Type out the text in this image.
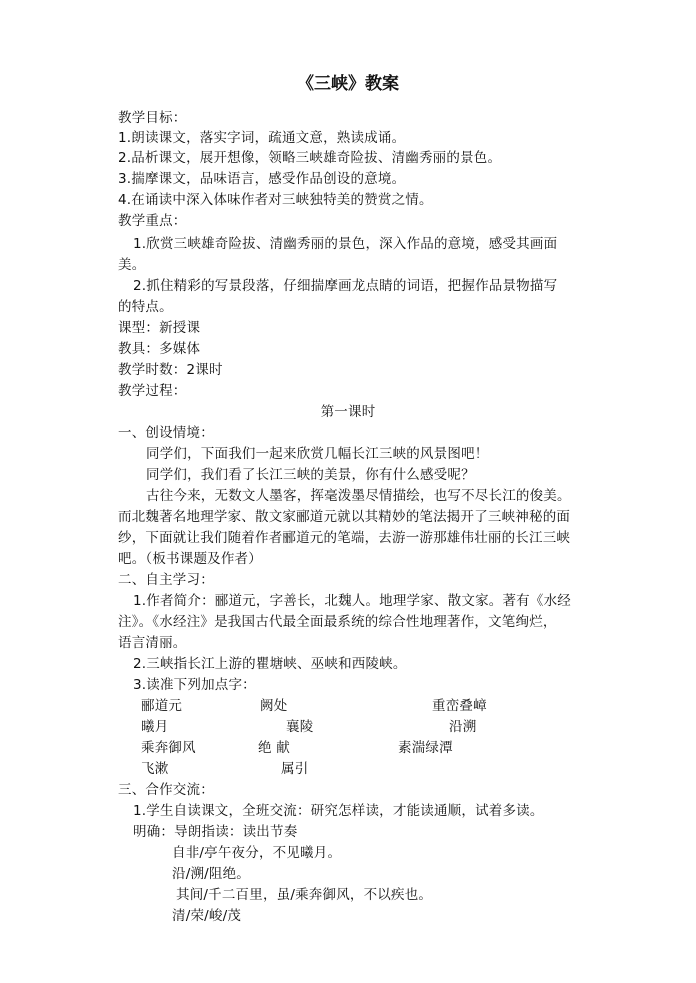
《三峡》教案
教学目标：
1.朗读课文，落实字词，疏通文意，熟读成诵。
2.品析课文，展开想像，领略三峡雄奇险拔、清幽秀丽的景色。
3.揣摩课文，品味语言，感受作品创设的意境。
4.在诵读中深入体味作者对三峡独特美的赞赏之情。
教学重点：
1.欣赏三峡雄奇险拔、清幽秀丽的景色，深入作品的意境，感受其画面
美。
2.抓住精彩的写景段落，仔细揣摩画龙点睛的词语，把握作品景物描写
的特点。
课型：新授课
教具：多媒体
教学时数：2课时
教学过程：
第一课时
一、创设情境：
同学们，下面我们一起来欣赏几幅长江三峡的风景图吧！
同学们，我们看了长江三峡的美景，你有什么感受呢？
古往今来，无数文人墨客，挥毫泼墨尽情描绘，也写不尽长江的俊美。
而北魏著名地理学家、散文家郦道元就以其精妙的笔法揭开了三峡神秘的面
纱，下面就让我们随着作者郦道元的笔端，去游一游那雄伟壮丽的长江三峡
吧。（板书课题及作者）
二、自主学习：
1.作者简介：郦道元，字善长，北魏人。地理学家、散文家。著有《水经
注》。《水经注》是我国古代最全面最系统的综合性地理著作，文笔绚烂，
语言清丽。
2.三峡指长江上游的瞿塘峡、巫峡和西陵峡。
3.读准下列加点字：
郦道元	阙处	重峦叠嶂
曦月	襄陵	沿溯
乘奔御风	绝 献	素湍绿潭
飞漱	属引
三、合作交流：
1.学生自读课文，全班交流：研究怎样读，才能读通顺，试着多读。
明确：导朗指读：读出节奏
自非/亭午夜分，不见曦月。
沿/溯/阻绝。
其间/千二百里，虽/乘奔御风，不以疾也。
清/荣/峻/茂
